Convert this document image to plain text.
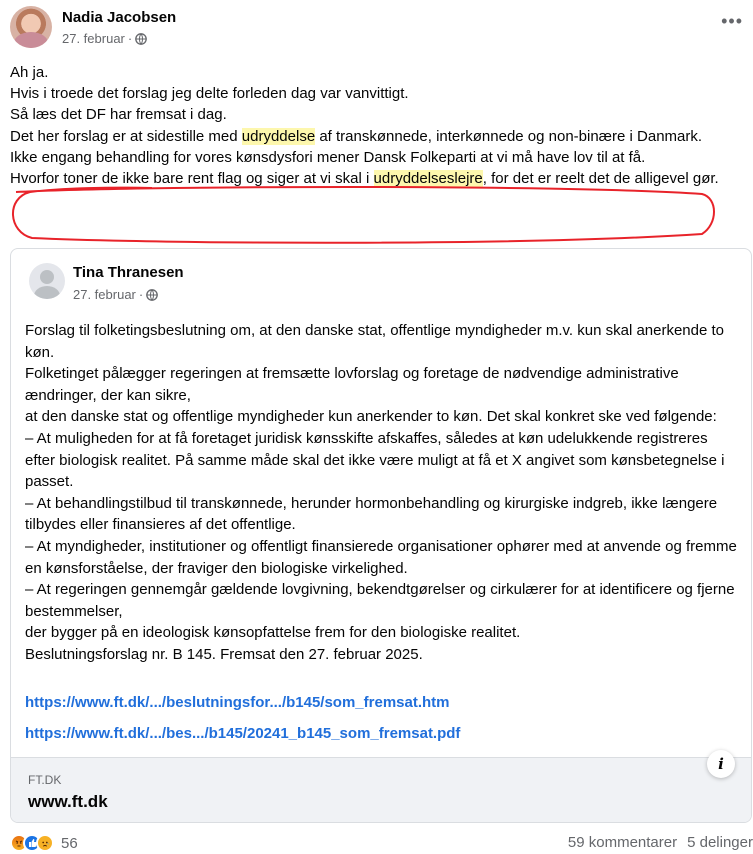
Nadia Jacobsen
27. februar ·
•••

Ah ja.

Hvis i troede det forslag jeg delte forleden dag var vanvittigt.

Så læs det DF har fremsat i dag.

Det her forslag er at sidestille med udryddelse af transkønnede, interkønnede og non-binære i Danmark.

Ikke engang behandling for vores kønsdysfori mener Dansk Folkeparti at vi må have lov til at få.

Hvorfor toner de ikke bare rent flag og siger at vi skal i udryddelseslejre, for det er reelt det de alligevel gør.

Tina Thranesen
27. februar ·

Forslag til folketingsbeslutning om, at den danske stat, offentlige myndigheder m.v. kun skal anerkende to køn.

Folketinget pålægger regeringen at fremsætte lovforslag og foretage de nødvendige administrative ændringer, der kan sikre,

at den danske stat og offentlige myndigheder kun anerkender to køn. Det skal konkret ske ved følgende:

– At muligheden for at få foretaget juridisk kønsskifte afskaffes, således at køn udelukkende registreres efter biologisk realitet. På samme måde skal det ikke være muligt at få et X angivet som kønsbetegnelse i passet.

– At behandlingstilbud til transkønnede, herunder hormonbehandling og kirurgiske indgreb, ikke længere tilbydes eller finansieres af det offentlige.

– At myndigheder, institutioner og offentligt finansierede organisationer ophører med at anvende og fremme en kønsforståelse, der fraviger den biologiske virkelighed.

– At regeringen gennemgår gældende lovgivning, bekendtgørelser og cirkulærer for at identificere og fjerne bestemmelser,

der bygger på en ideologisk kønsopfattelse frem for den biologiske realitet.

Beslutningsforslag nr. B 145. Fremsat den 27. februar 2025.

https://www.ft.dk/.../beslutningsfor.../b145/som_fremsat.htm
https://www.ft.dk/.../bes.../b145/20241_b145_som_fremsat.pdf
FT.DK
www.ft.dk
i
56	59 kommentarer 5 delinger
